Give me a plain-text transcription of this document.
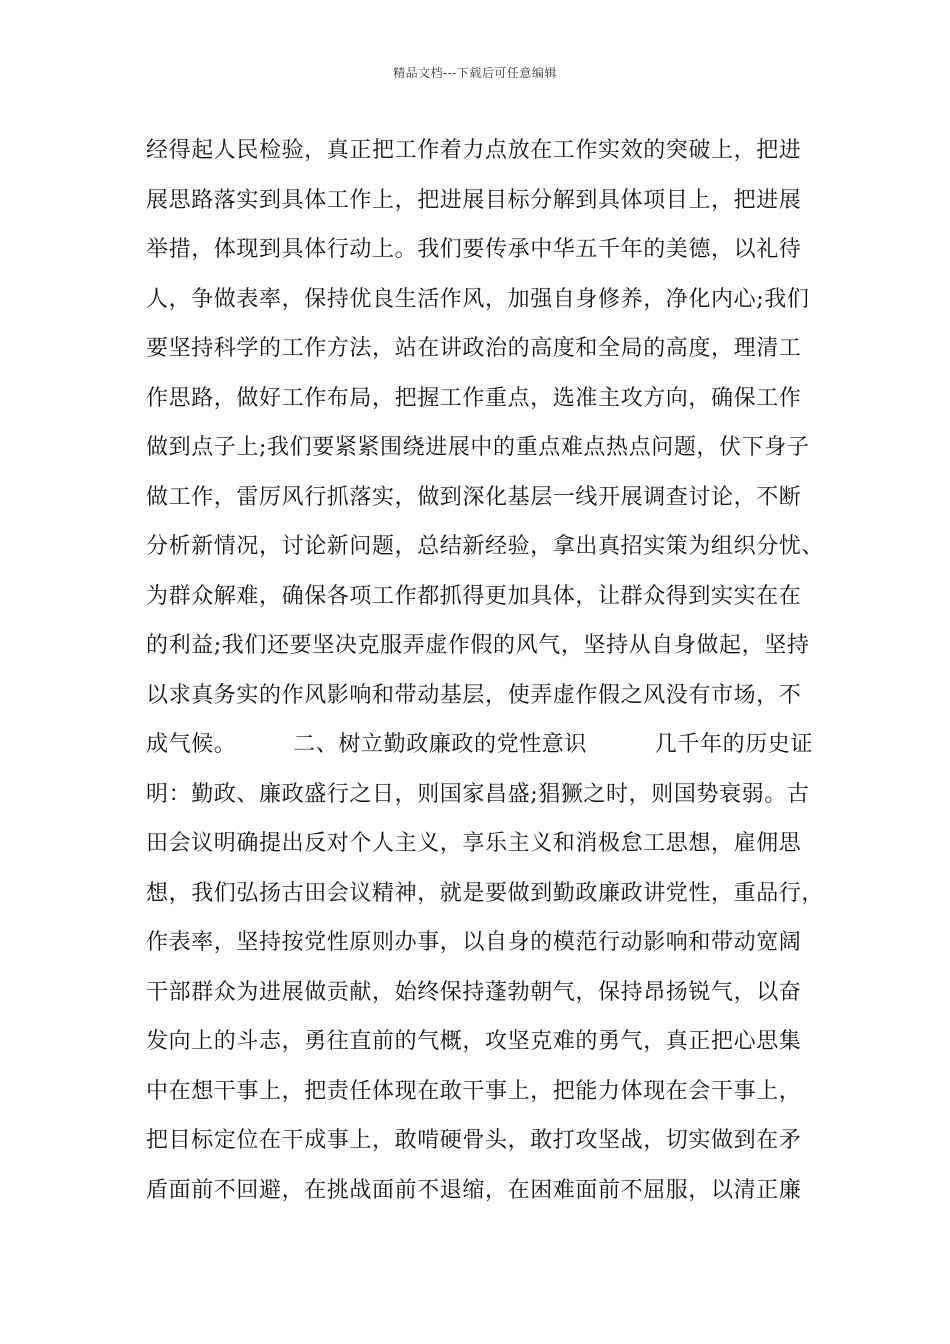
精品文档---下载后可任意编辑
经得起人民检验，真正把工作着力点放在工作实效的突破上，把进
展思路落实到具体工作上，把进展目标分解到具体项目上，把进展
举措，体现到具体行动上。我们要传承中华五千年的美德，以礼待
人，争做表率，保持优良生活作风，加强自身修养，净化内心;我们
要坚持科学的工作方法，站在讲政治的高度和全局的高度，理清工
作思路，做好工作布局，把握工作重点，选准主攻方向，确保工作
做到点子上;我们要紧紧围绕进展中的重点难点热点问题，伏下身子
做工作，雷厉风行抓落实，做到深化基层一线开展调查讨论，不断
分析新情况，讨论新问题，总结新经验，拿出真招实策为组织分忧、
为群众解难，确保各项工作都抓得更加具体，让群众得到实实在在
的利益;我们还要坚决克服弄虚作假的风气，坚持从自身做起，坚持
以求真务实的作风影响和带动基层，使弄虚作假之风没有市场，不
成气候。　　　二、树立勤政廉政的党性意识　　　几千年的历史证
明：勤政、廉政盛行之日，则国家昌盛;猖獗之时，则国势衰弱。古
田会议明确提出反对个人主义，享乐主义和消极怠工思想，雇佣思
想，我们弘扬古田会议精神，就是要做到勤政廉政讲党性，重品行，
作表率，坚持按党性原则办事，以自身的模范行动影响和带动宽阔
干部群众为进展做贡献，始终保持蓬勃朝气，保持昂扬锐气，以奋
发向上的斗志，勇往直前的气概，攻坚克难的勇气，真正把心思集
中在想干事上，把责任体现在敢干事上，把能力体现在会干事上，
把目标定位在干成事上，敢啃硬骨头，敢打攻坚战，切实做到在矛
盾面前不回避，在挑战面前不退缩，在困难面前不屈服，以清正廉
